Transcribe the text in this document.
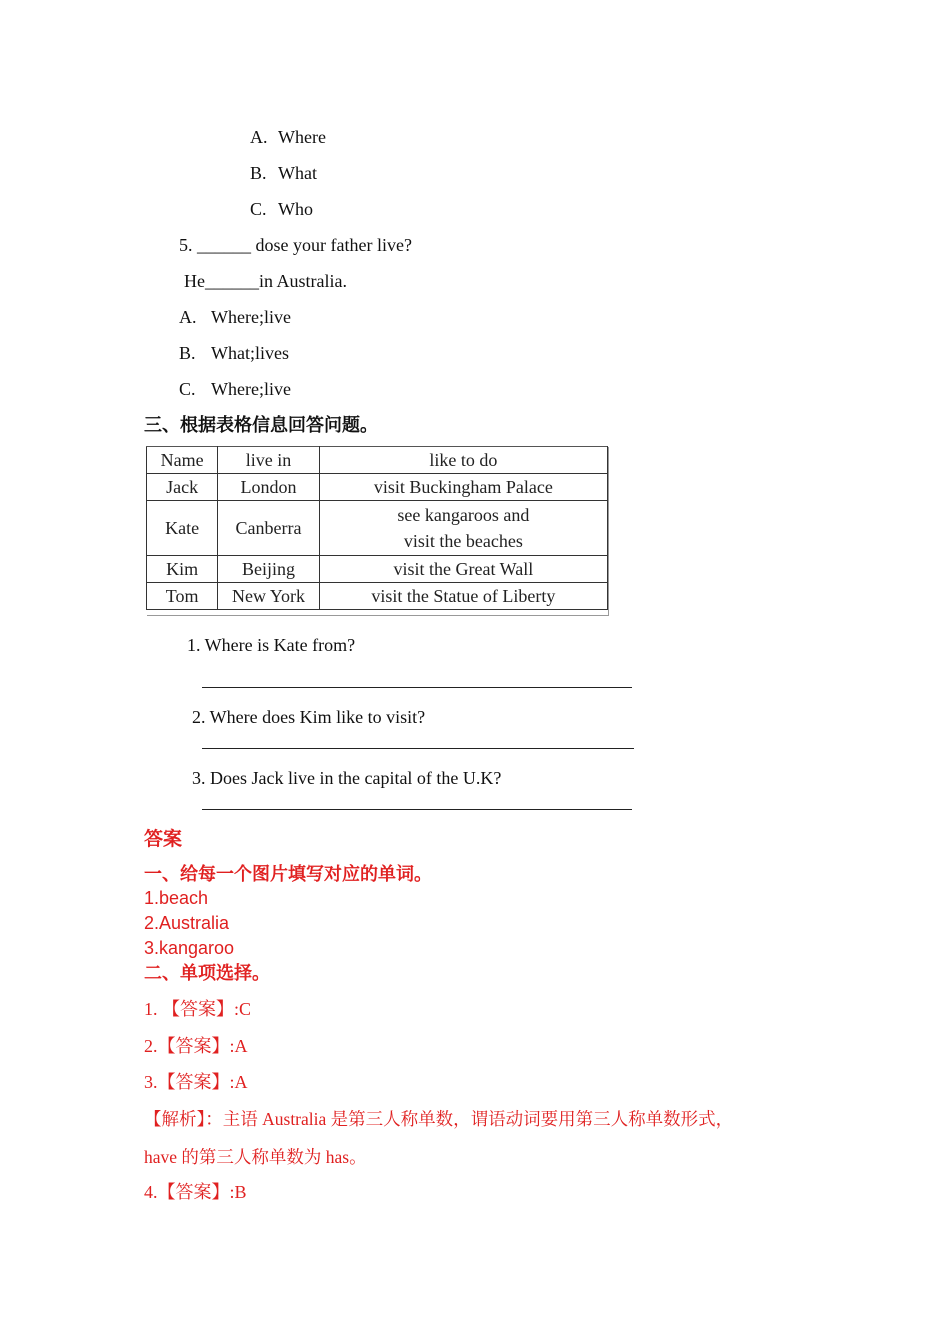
A. Where
B. What
C. Who
5. ______ dose your father live?
He______in Australia.
A. Where;live
B. What;lives
C. Where;live
三、根据表格信息回答问题。
Name	live in	like to do
Jack	London	visit Buckingham Palace
Kate	Canberra	see kangaroos and
visit the beaches

Kim	Beijing	visit the Great Wall
Tom	New York	visit the Statue of Liberty
1. Where is Kate from?
2. Where does Kim like to visit?
3. Does Jack live in the capital of the U.K?
答案
一、给每一个图片填写对应的单词。
1.beach
2.Australia
3.kangaroo
二、单项选择。
1. 【答案】:C
2.【答案】:A
3.【答案】:A
【解析】：主语 Australia 是第三人称单数，谓语动词要用第三人称单数形式，
have 的第三人称单数为 has。
4.【答案】:B
